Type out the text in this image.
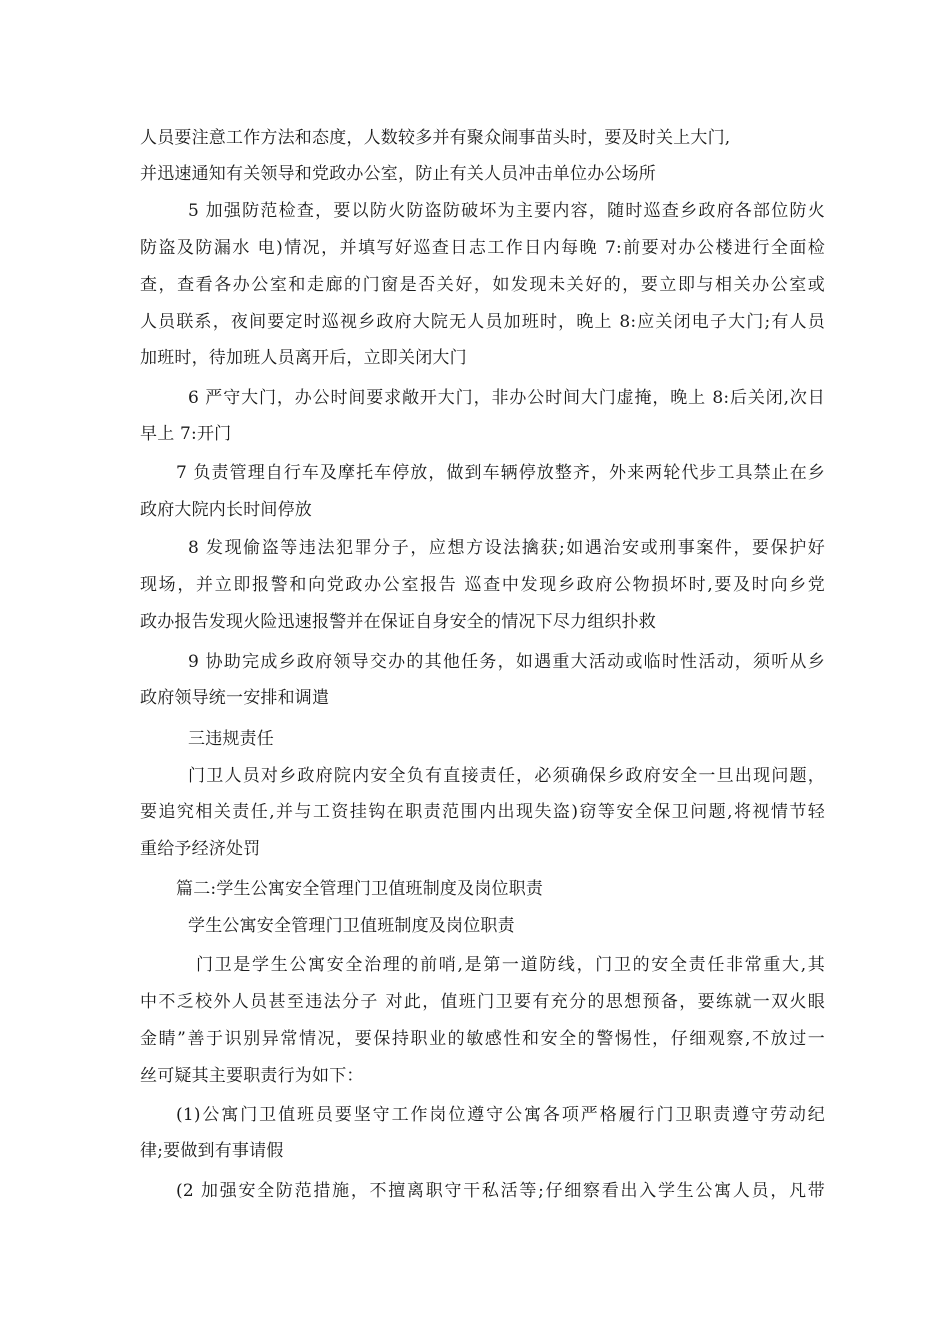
人员要注意工作方法和态度，人数较多并有聚众闹事苗头时，要及时关上大门,
并迅速通知有关领导和党政办公室，防止有关人员冲击单位办公场所
5 加强防范检查，要以防火防盗防破坏为主要内容，随时巡查乡政府各部位防火
防盗及防漏水 电)情况，并填写好巡查日志工作日内每晚 7:前要对办公楼进行全面检
查，查看各办公室和走廊的门窗是否关好，如发现未关好的，要立即与相关办公室或
人员联系，夜间要定时巡视乡政府大院无人员加班时，晚上 8:应关闭电子大门;有人员
加班时，待加班人员离开后，立即关闭大门
6 严守大门，办公时间要求敞开大门，非办公时间大门虚掩，晚上 8:后关闭,次日
早上 7:开门
7 负责管理自行车及摩托车停放，做到车辆停放整齐，外来两轮代步工具禁止在乡
政府大院内长时间停放
8 发现偷盗等违法犯罪分子，应想方设法擒获;如遇治安或刑事案件，要保护好
现场，并立即报警和向党政办公室报告 巡查中发现乡政府公物损坏时,要及时向乡党
政办报告发现火险迅速报警并在保证自身安全的情况下尽力组织扑救
9 协助完成乡政府领导交办的其他任务，如遇重大活动或临时性活动，须听从乡
政府领导统一安排和调遣
三违规责任
门卫人员对乡政府院内安全负有直接责任，必须确保乡政府安全一旦出现问题，
要追究相关责任,并与工资挂钩在职责范围内出现失盗)窃等安全保卫问题,将视情节轻
重给予经济处罚
篇二:学生公寓安全管理门卫值班制度及岗位职责
学生公寓安全管理门卫值班制度及岗位职责
门卫是学生公寓安全治理的前哨,是第一道防线，门卫的安全责任非常重大,其
中不乏校外人员甚至违法分子 对此，值班门卫要有充分的思想预备，要练就一双火眼
金睛”善于识别异常情况，要保持职业的敏感性和安全的警惕性，仔细观察,不放过一
丝可疑其主要职责行为如下：
(1)公寓门卫值班员要坚守工作岗位遵守公寓各项严格履行门卫职责遵守劳动纪
律;要做到有事请假
(2 加强安全防范措施，不擅离职守干私活等;仔细察看出入学生公寓人员，凡带
